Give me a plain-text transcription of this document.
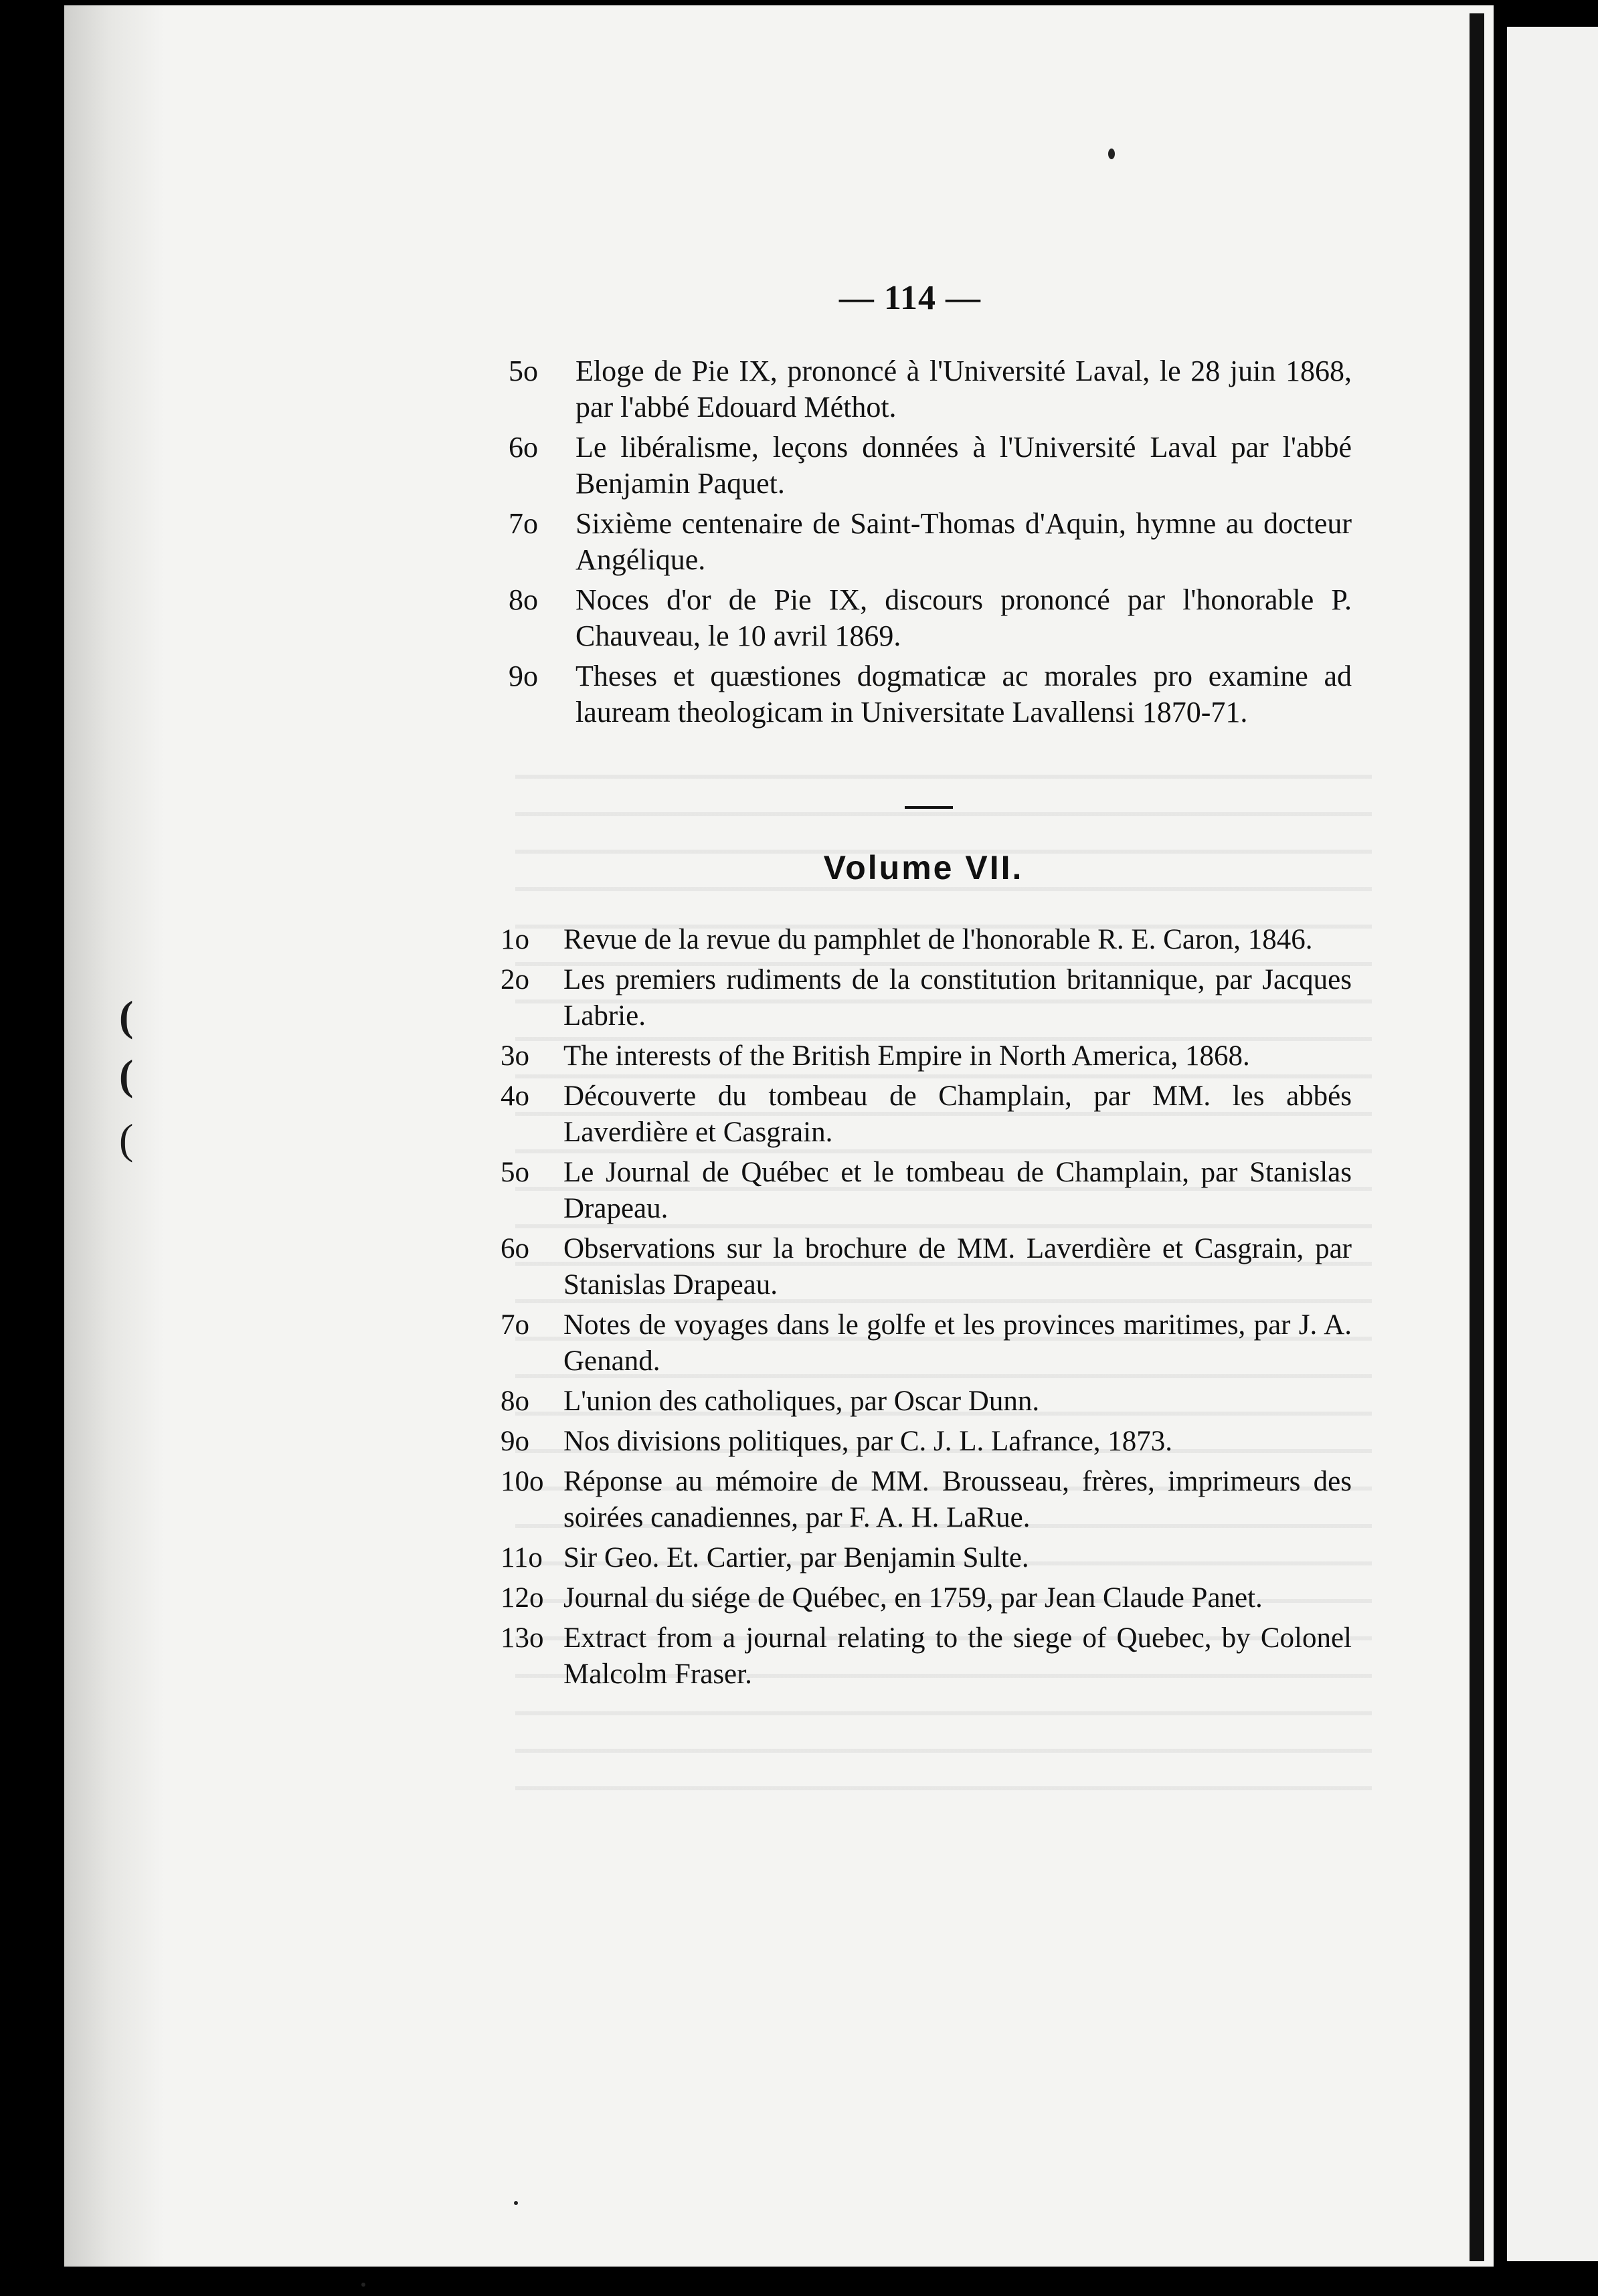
(
(
(
— 114 —
5o	Eloge de Pie IX, prononcé à l'Université Laval, le 28 juin 1868, par l'abbé Edouard Méthot.
6o	Le libéralisme, leçons données à l'Université Laval par l'abbé Benjamin Paquet.
7o	Sixième centenaire de Saint-Thomas d'Aquin, hymne au docteur Angélique.
8o	Noces d'or de Pie IX, discours prononcé par l'honorable P. Chauveau, le 10 avril 1869.
9o	Theses et quæstiones dogmaticæ ac morales pro examine ad lauream theologicam in Universitate Lavallensi 1870-71.
Volume VII.
1o	Revue de la revue du pamphlet de l'honorable R. E. Caron, 1846.
2o	Les premiers rudiments de la constitution britannique, par Jacques Labrie.
3o	The interests of the British Empire in North America, 1868.
4o	Découverte du tombeau de Champlain, par MM. les abbés Laverdière et Casgrain.
5o	Le Journal de Québec et le tombeau de Champlain, par Stanislas Drapeau.
6o	Observations sur la brochure de MM. Laverdière et Casgrain, par Stanislas Drapeau.
7o	Notes de voyages dans le golfe et les provinces maritimes, par J. A. Genand.
8o	L'union des catholiques, par Oscar Dunn.
9o	Nos divisions politiques, par C. J. L. Lafrance, 1873.
10o Réponse au mémoire de MM. Brousseau, frères, imprimeurs des soirées canadiennes, par F. A. H. LaRue.
11o Sir Geo. Et. Cartier, par Benjamin Sulte.
12o Journal du siége de Québec, en 1759, par Jean Claude Panet.
13o Extract from a journal relating to the siege of Quebec, by Colonel Malcolm Fraser.
